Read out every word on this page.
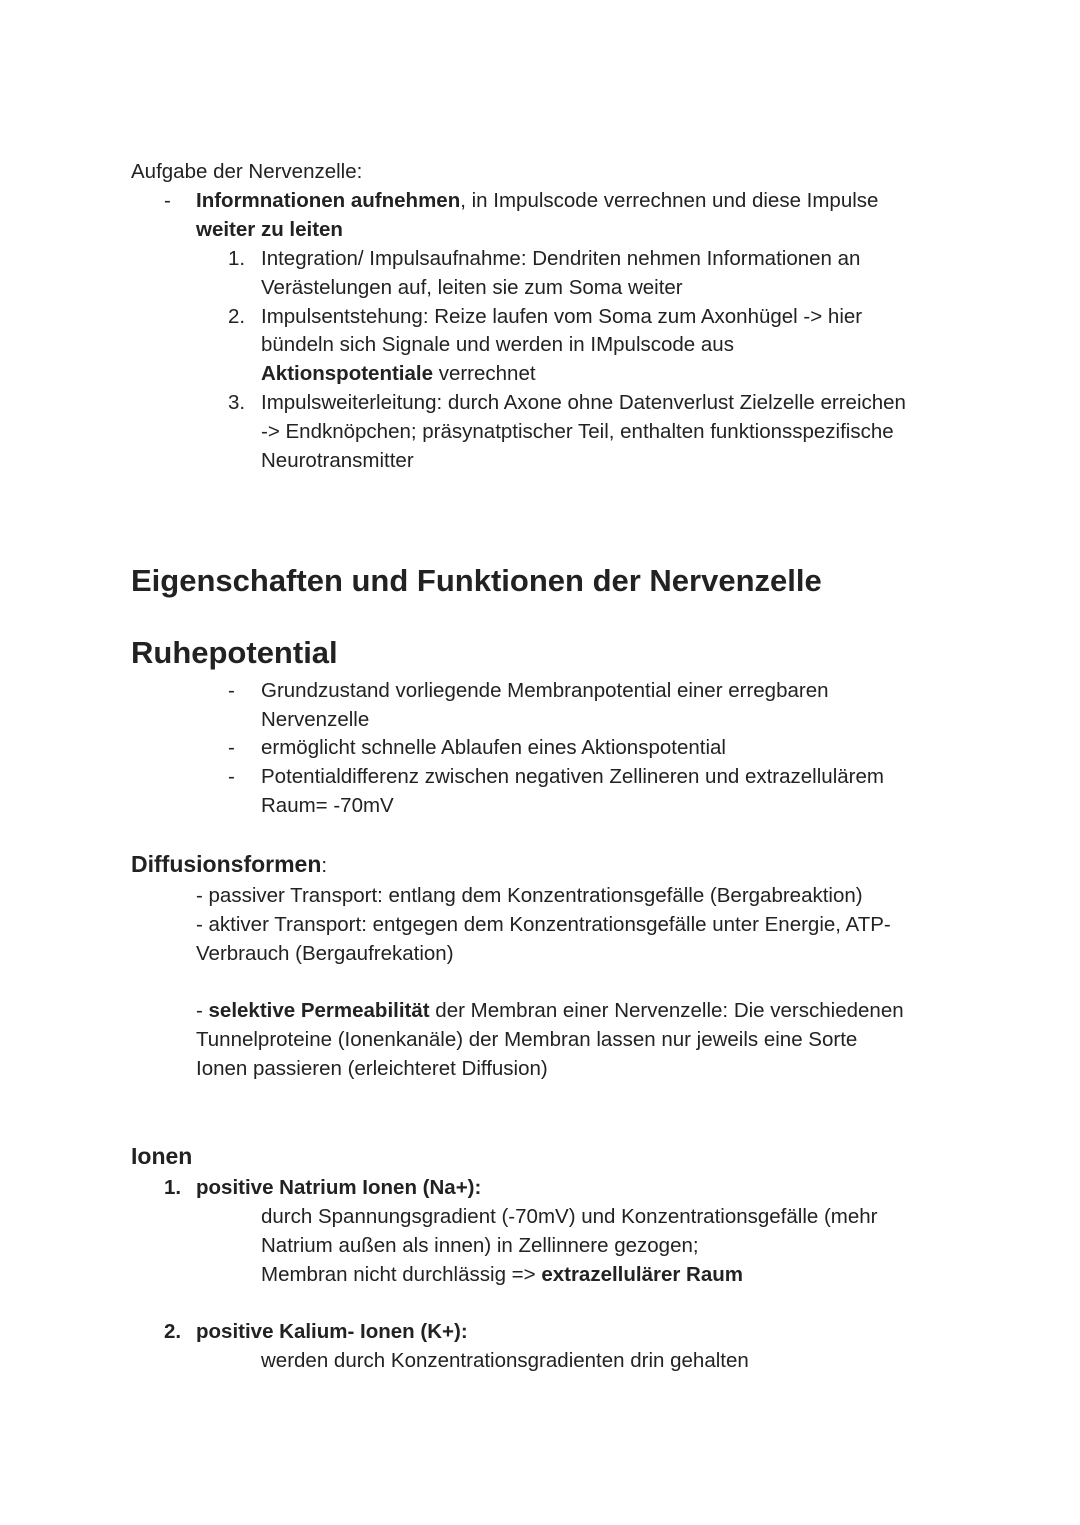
Aufgabe der Nervenzelle:
- Informnationen aufnehmen, in Impulscode verrechnen und diese Impulse
weiter zu leiten
1. Integration/ Impulsaufnahme: Dendriten nehmen Informationen an
Verästelungen auf, leiten sie zum Soma weiter
2. Impulsentstehung: Reize laufen vom Soma zum Axonhügel -> hier
bündeln sich Signale und werden in IMpulscode aus
Aktionspotentiale verrechnet
3. Impulsweiterleitung: durch Axone ohne Datenverlust Zielzelle erreichen
-> Endknöpchen; präsynatptischer Teil, enthalten funktionsspezifische
Neurotransmitter
Eigenschaften und Funktionen der Nervenzelle
Ruhepotential
- Grundzustand vorliegende Membranpotential einer erregbaren
Nervenzelle
- ermöglicht schnelle Ablaufen eines Aktionspotential
- Potentialdifferenz zwischen negativen Zellineren und extrazellulärem
Raum= -70mV
Diffusionsformen:
- passiver Transport: entlang dem Konzentrationsgefälle (Bergabreaktion)
- aktiver Transport: entgegen dem Konzentrationsgefälle unter Energie, ATP-
Verbrauch (Bergaufrekation)
- selektive Permeabilität der Membran einer Nervenzelle: Die verschiedenen
Tunnelproteine (Ionenkanäle) der Membran lassen nur jeweils eine Sorte
Ionen passieren (erleichteret Diffusion)
Ionen
1. positive Natrium Ionen (Na+):
durch Spannungsgradient (-70mV) und Konzentrationsgefälle (mehr
Natrium außen als innen) in Zellinnere gezogen;
Membran nicht durchlässig => extrazellulärer Raum
2. positive Kalium- Ionen (K+):
werden durch Konzentrationsgradienten drin gehalten
